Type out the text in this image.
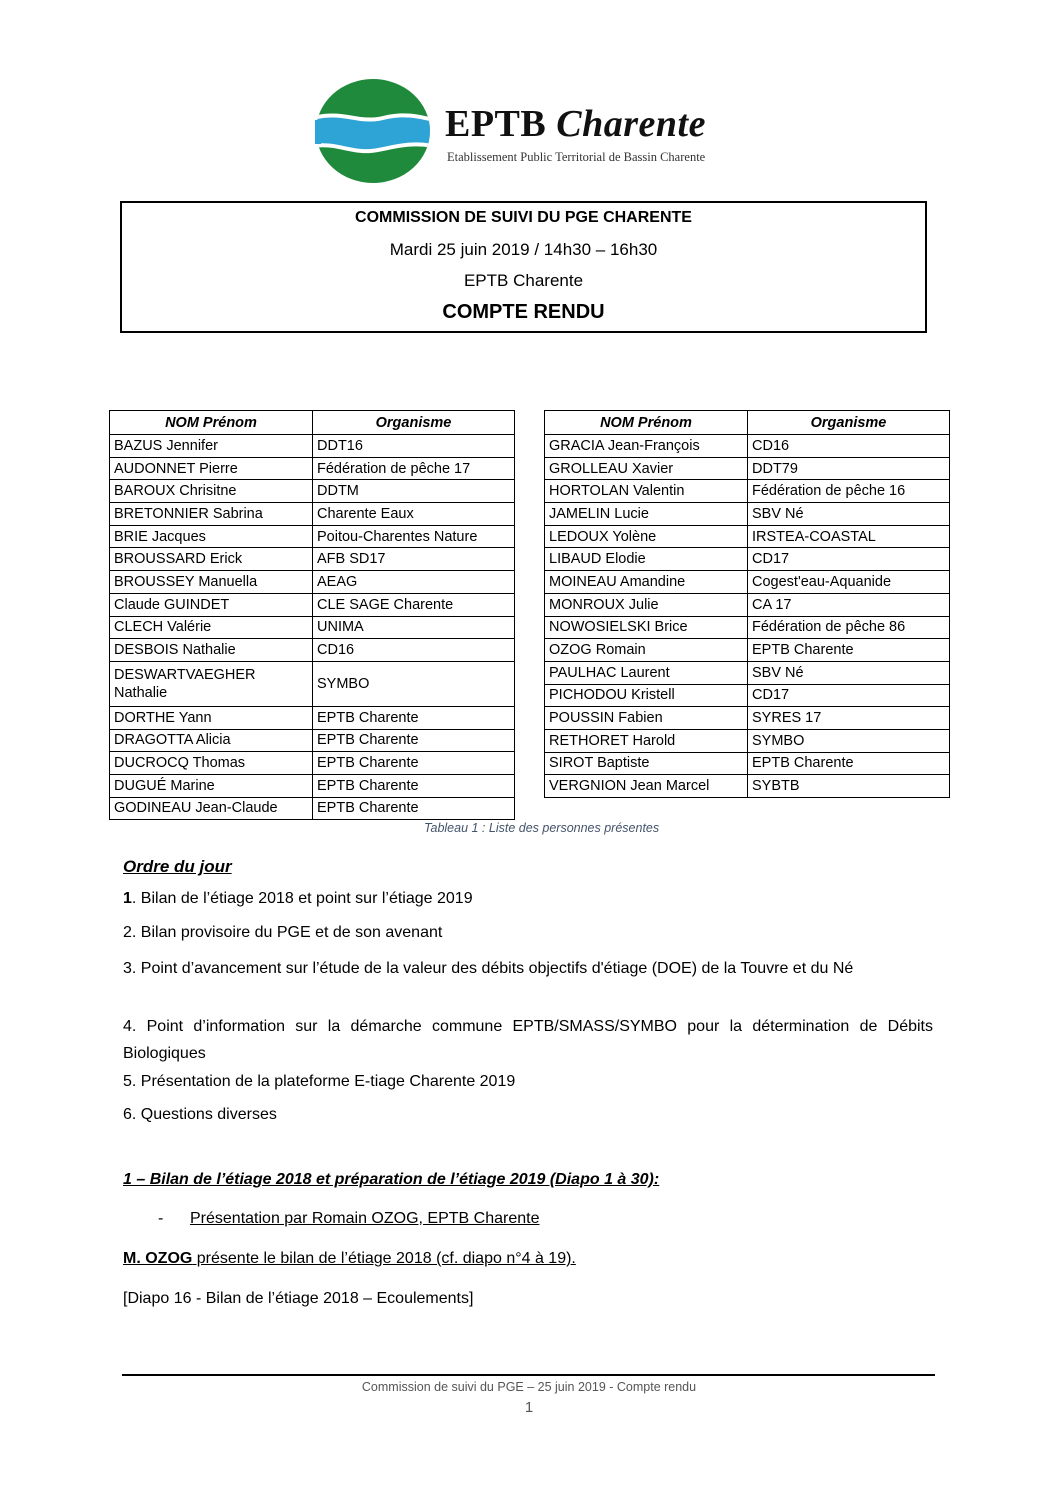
EPTB Charente
Etablissement Public Territorial de Bassin Charente
COMMISSION DE SUIVI DU PGE CHARENTE
Mardi 25 juin 2019 / 14h30 – 16h30
EPTB Charente
COMPTE RENDU
NOM Prénom	Organisme
BAZUS Jennifer	DDT16
AUDONNET Pierre	Fédération de pêche 17
BAROUX Chrisitne	DDTM
BRETONNIER Sabrina	Charente Eaux
BRIE Jacques	Poitou-Charentes Nature
BROUSSARD Erick	AFB SD17
BROUSSEY Manuella	AEAG
Claude GUINDET	CLE SAGE Charente
CLECH Valérie	UNIMA
DESBOIS Nathalie	CD16
DESWARTVAEGHER Nathalie	SYMBO
DORTHE Yann	EPTB Charente
DRAGOTTA Alicia	EPTB Charente
DUCROCQ Thomas	EPTB Charente
DUGUÉ Marine	EPTB Charente
GODINEAU Jean-Claude	EPTB Charente
NOM Prénom	Organisme
GRACIA Jean-François	CD16
GROLLEAU Xavier	DDT79
HORTOLAN Valentin	Fédération de pêche 16
JAMELIN Lucie	SBV Né
LEDOUX Yolène	IRSTEA-COASTAL
LIBAUD Elodie	CD17
MOINEAU Amandine	Cogest'eau-Aquanide
MONROUX Julie	CA 17
NOWOSIELSKI Brice	Fédération de pêche 86
OZOG Romain	EPTB Charente
PAULHAC Laurent	SBV Né
PICHODOU Kristell	CD17
POUSSIN Fabien	SYRES 17
RETHORET Harold	SYMBO
SIROT Baptiste	EPTB Charente
VERGNION Jean Marcel	SYBTB
Tableau 1 : Liste des personnes présentes
Ordre du jour
1. Bilan de l’étiage 2018 et point sur l’étiage 2019
2. Bilan provisoire du PGE et de son avenant
3. Point d’avancement sur l’étude de la valeur des débits objectifs d'étiage (DOE) de la Touvre et du Né
4. Point d’information sur la démarche commune EPTB/SMASS/SYMBO pour la détermination de Débits Biologiques
5. Présentation de la plateforme E-tiage Charente 2019
6. Questions diverses
1 – Bilan de l’étiage 2018 et préparation de l’étiage 2019 (Diapo 1 à 30):
- Présentation par Romain OZOG, EPTB Charente
M. OZOG présente le bilan de l’étiage 2018 (cf. diapo n°4 à 19).
[Diapo 16 - Bilan de l’étiage 2018 – Ecoulements]
Commission de suivi du PGE – 25 juin 2019 - Compte rendu
1
